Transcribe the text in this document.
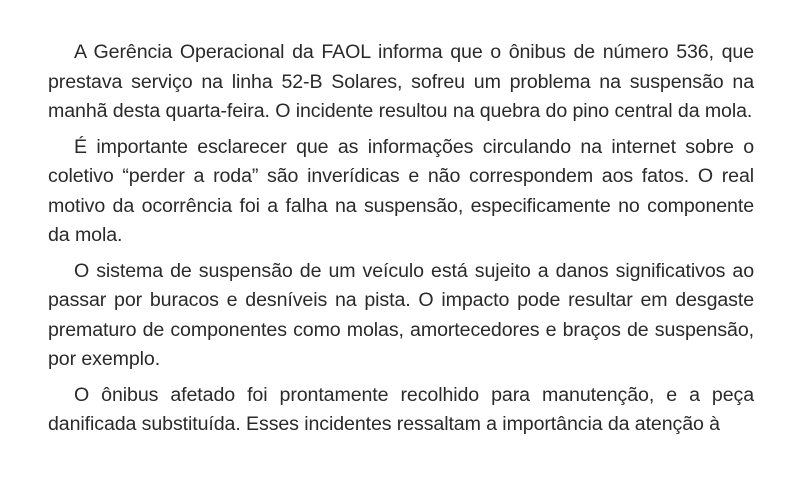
A Gerência Operacional da FAOL informa que o ônibus de número 536, que prestava serviço na linha 52-B Solares, sofreu um problema na suspensão na manhã desta quarta-feira. O incidente resultou na quebra do pino central da mola.

É importante esclarecer que as informações circulando na internet sobre o coletivo “perder a roda” são inverídicas e não correspondem aos fatos. O real motivo da ocorrência foi a falha na suspensão, especificamente no componente da mola.

O sistema de suspensão de um veículo está sujeito a danos significativos ao passar por buracos e desníveis na pista. O impacto pode resultar em desgaste prematuro de componentes como molas, amortecedores e braços de suspensão, por exemplo.

O ônibus afetado foi prontamente recolhido para manutenção, e a peça danificada substituída. Esses incidentes ressaltam a importância da atenção à
